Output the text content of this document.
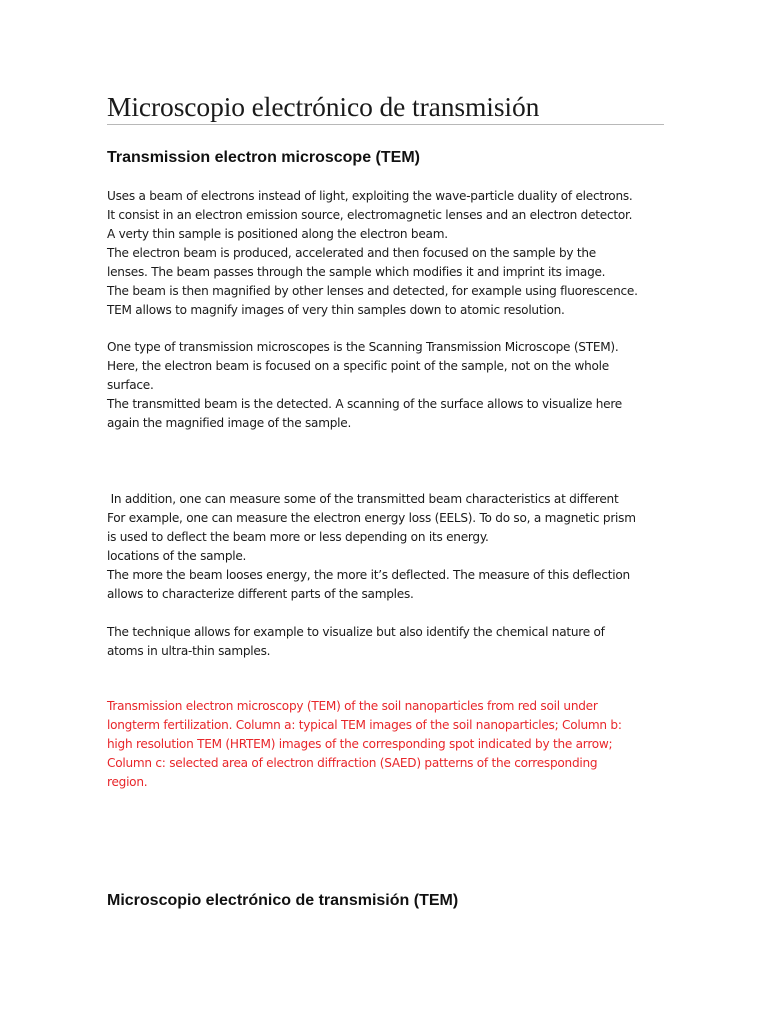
Microscopio electrónico de transmisión
Transmission electron microscope (TEM)

Uses a beam of electrons instead of light, exploiting the wave-particle duality of electrons.
It consist in an electron emission source, electromagnetic lenses and an electron detector.
A verty thin sample is positioned along the electron beam.
The electron beam is produced, accelerated and then focused on the sample by the
lenses. The beam passes through the sample which modifies it and imprint its image.
The beam is then magnified by other lenses and detected, for example using fluorescence.
TEM allows to magnify images of very thin samples down to atomic resolution.

One type of transmission microscopes is the Scanning Transmission Microscope (STEM).
Here, the electron beam is focused on a specific point of the sample, not on the whole
surface.
The transmitted beam is the detected. A scanning of the surface allows to visualize here
again the magnified image of the sample.

In addition, one can measure some of the transmitted beam characteristics at different

locations of the sample.

For example, one can measure the electron energy loss (EELS). To do so, a magnetic prism
is used to deflect the beam more or less depending on its energy.

The more the beam looses energy, the more it’s deflected. The measure of this deflection
allows to characterize different parts of the samples.

The technique allows for example to visualize but also identify the chemical nature of
atoms in ultra-thin samples.

Transmission electron microscopy (TEM) of the soil nanoparticles from red soil under
longterm fertilization. Column a: typical TEM images of the soil nanoparticles; Column b:
high resolution TEM (HRTEM) images of the corresponding spot indicated by the arrow;
Column c: selected area of electron diffraction (SAED) patterns of the corresponding
region.

Microscopio electrónico de transmisión (TEM)
